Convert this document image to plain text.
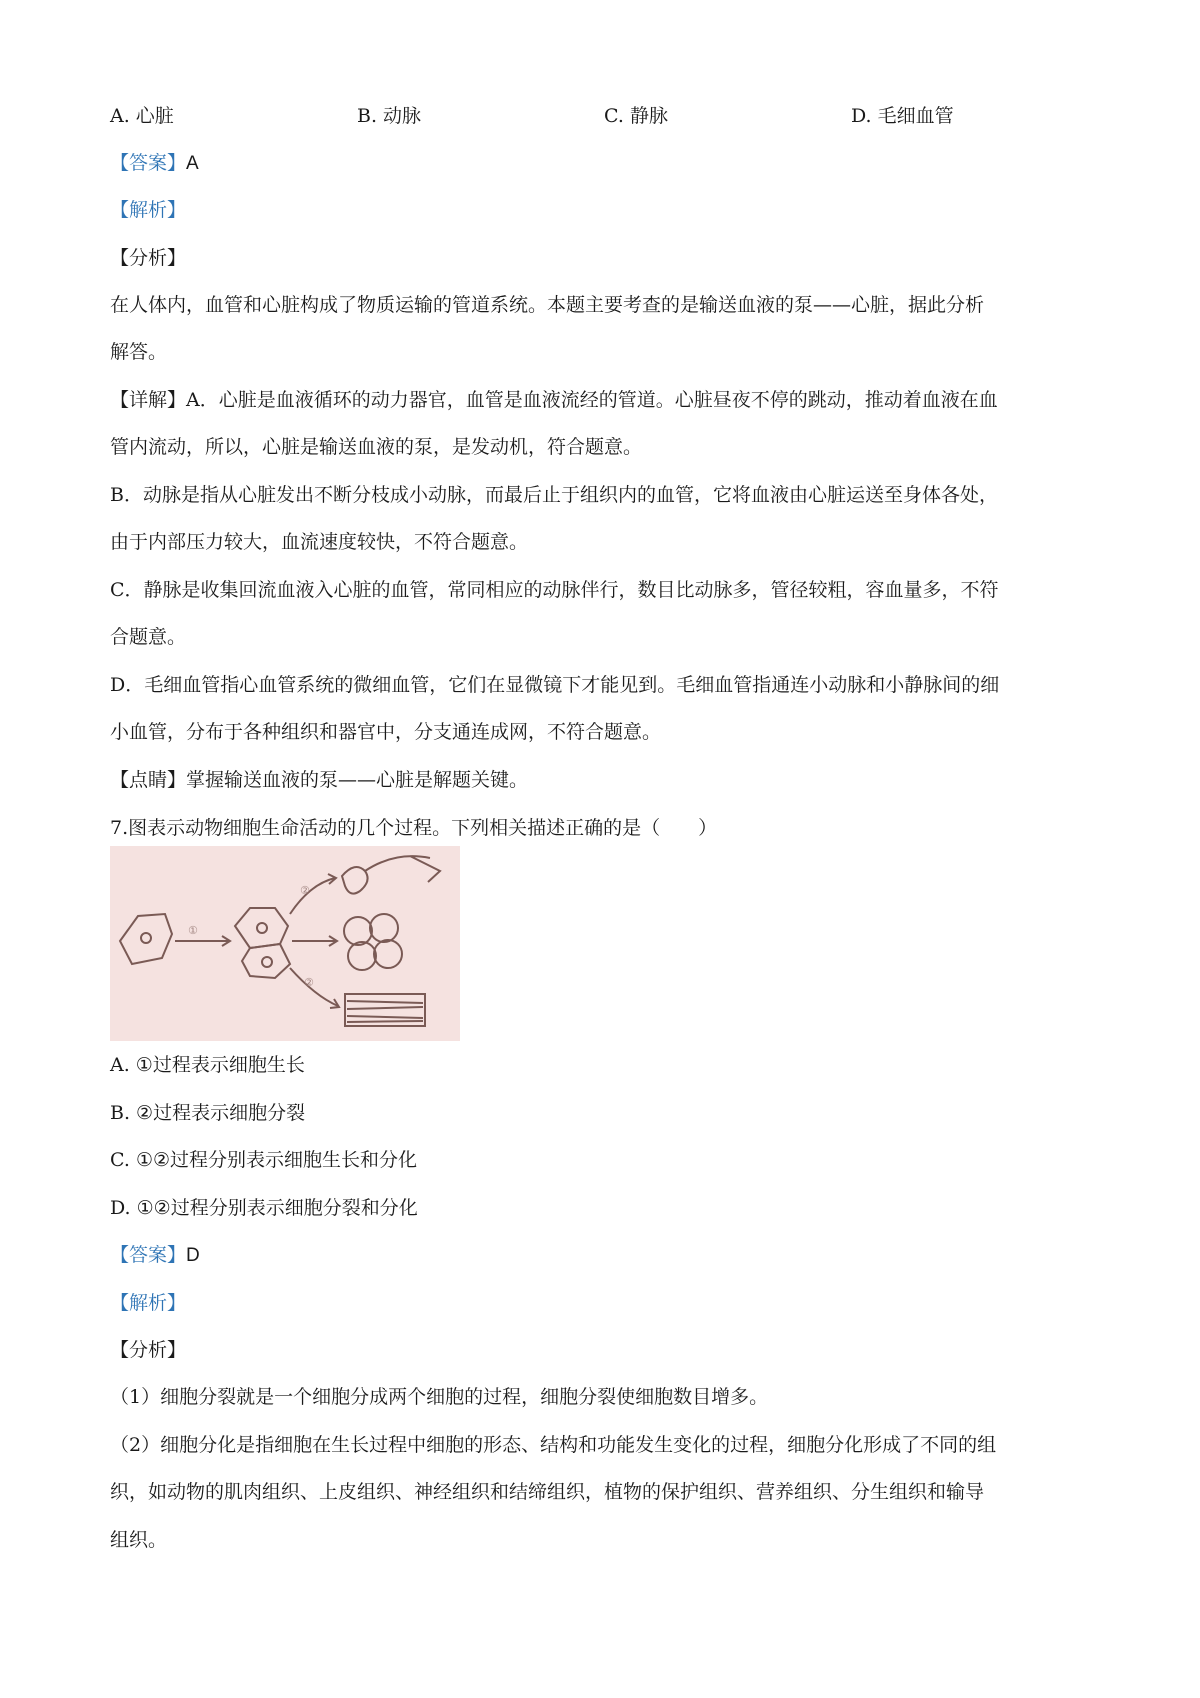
A. 心脏	B. 动脉	C. 静脉	D. 毛细血管
【答案】A
【解析】
【分析】
在人体内，血管和心脏构成了物质运输的管道系统。本题主要考查的是输送血液的泵——心脏，据此分析
解答。
【详解】A．心脏是血液循环的动力器官，血管是血液流经的管道。心脏昼夜不停的跳动，推动着血液在血
管内流动，所以，心脏是输送血液的泵，是发动机，符合题意。
B．动脉是指从心脏发出不断分枝成小动脉，而最后止于组织内的血管，它将血液由心脏运送至身体各处，
由于内部压力较大，血流速度较快，不符合题意。
C．静脉是收集回流血液入心脏的血管，常同相应的动脉伴行，数目比动脉多，管径较粗，容血量多，不符
合题意。
D．毛细血管指心血管系统的微细血管，它们在显微镜下才能见到。毛细血管指通连小动脉和小静脉间的细
小血管，分布于各种组织和器官中，分支通连成网，不符合题意。
【点睛】掌握输送血液的泵——心脏是解题关键。
7.图表示动物细胞生命活动的几个过程。下列相关描述正确的是（　　）
①
②
②
A. ①过程表示细胞生长
B. ②过程表示细胞分裂
C. ①②过程分别表示细胞生长和分化
D. ①②过程分别表示细胞分裂和分化
【答案】D
【解析】
【分析】
（1）细胞分裂就是一个细胞分成两个细胞的过程，细胞分裂使细胞数目增多。
（2）细胞分化是指细胞在生长过程中细胞的形态、结构和功能发生变化的过程，细胞分化形成了不同的组
织，如动物的肌肉组织、上皮组织、神经组织和结缔组织，植物的保护组织、营养组织、分生组织和输导
组织。
